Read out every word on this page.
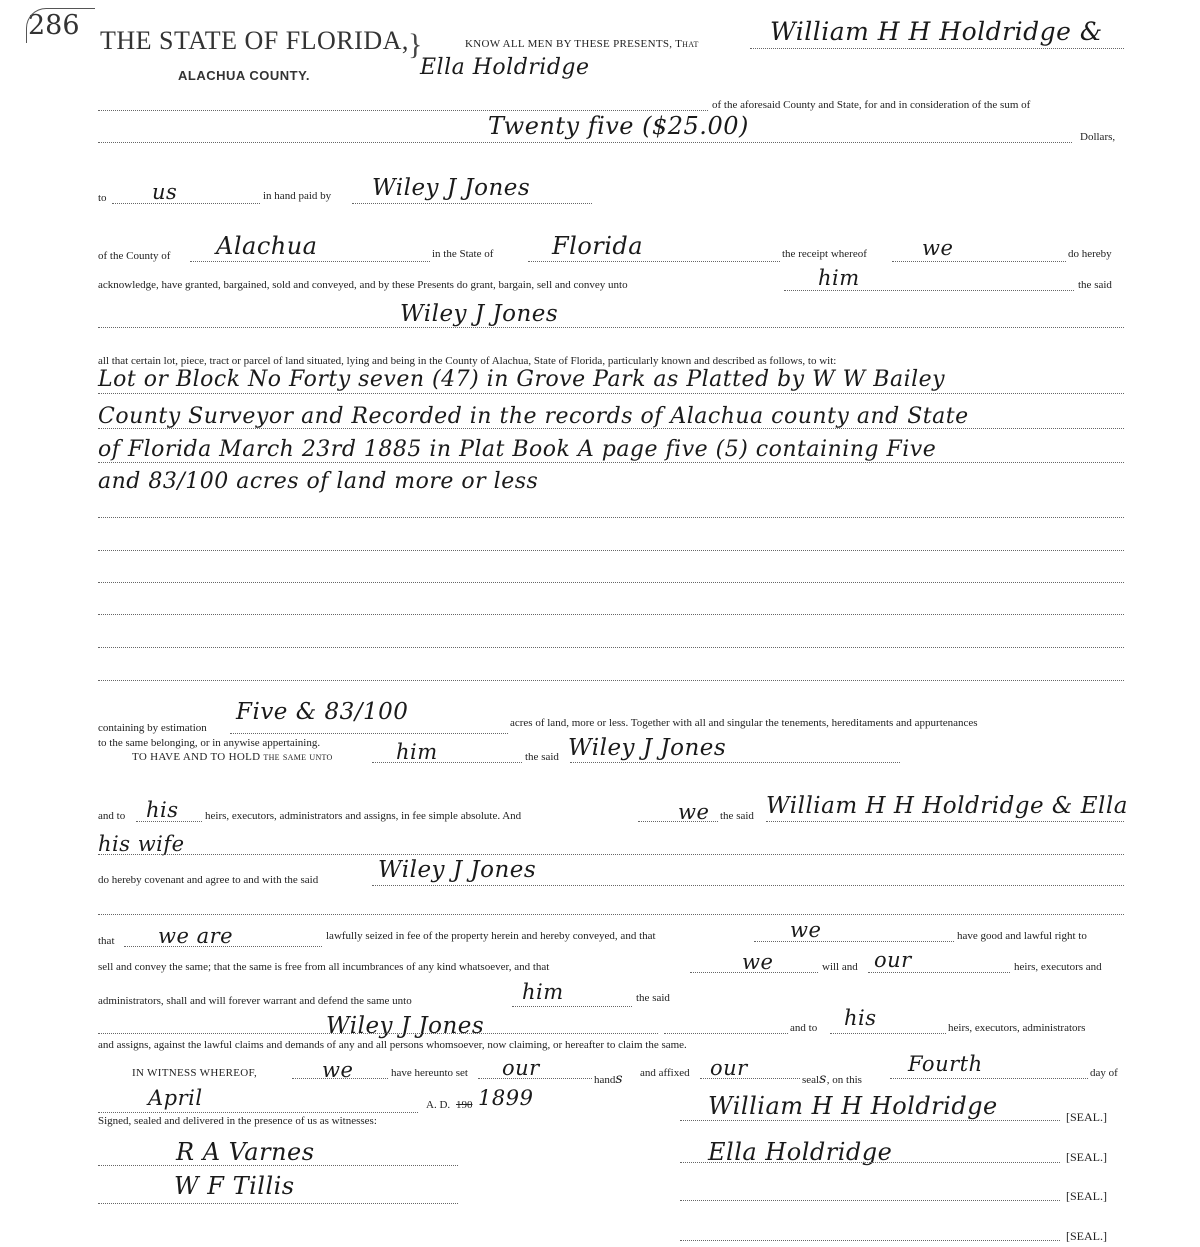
286 THE STATE OF FLORIDA, }
ALACHUA COUNTY.
KNOW ALL MEN BY THESE PRESENTS, That	William H H Holdridge &
Ella Holdridge
of the aforesaid County and State, for and in consideration of the sum of
Twenty five ($25.00)	Dollars,
to us	in hand paid by Wiley J Jones
of the County of Alachua	in the State of Florida	the receipt whereof	we	do hereby
acknowledge, have granted, bargained, sold and conveyed, and by these Presents do grant, bargain, sell and convey unto	him	the said
Wiley J Jones
all that certain lot, piece, tract or parcel of land situated, lying and being in the County of Alachua, State of Florida, particularly known and described as follows, to wit:
Lot or Block No Forty seven (47) in Grove Park as Platted by W W Bailey
County Surveyor and Recorded in the records of Alachua county and State
of Florida March 23rd 1885 in Plat Book A page five (5) containing Five
and 83/100 acres of land more or less
containing by estimation
Five & 83/100	acres of land, more or less. Together with all and singular the tenements, hereditaments and appurtenances
to the same belonging, or in anywise appertaining.
TO HAVE AND TO HOLD the same unto	him	the said Wiley J Jones
and to his heirs, executors, administrators and assigns, in fee simple absolute. And	we the said William H H Holdridge & Ella
his wife
do hereby covenant and agree to and with the said	Wiley J Jones
that we are	lawfully seized in fee of the property herein and hereby conveyed, and that	we	have good and lawful right to
sell and convey the same; that the same is free from all incumbrances of any kind whatsoever, and that	we	will and our	heirs, executors and
administrators, shall and will forever warrant and defend the same unto	him	the said
Wiley J Jones	and to his	heirs, executors, administrators
and assigns, against the lawful claims and demands of any and all persons whomsoever, now claiming, or hereafter to claim the same.
IN WITNESS WHEREOF,	we	have hereunto set our	hands and affixed our	seals, on this
Fourth	day of
April	A. D. 190 1899
Signed, sealed and delivered in the presence of us as witnesses:
R A Varnes
W F Tillis
William H H Holdridge	[SEAL.]
Ella Holdridge	[SEAL.]
[SEAL.]
[SEAL.]
